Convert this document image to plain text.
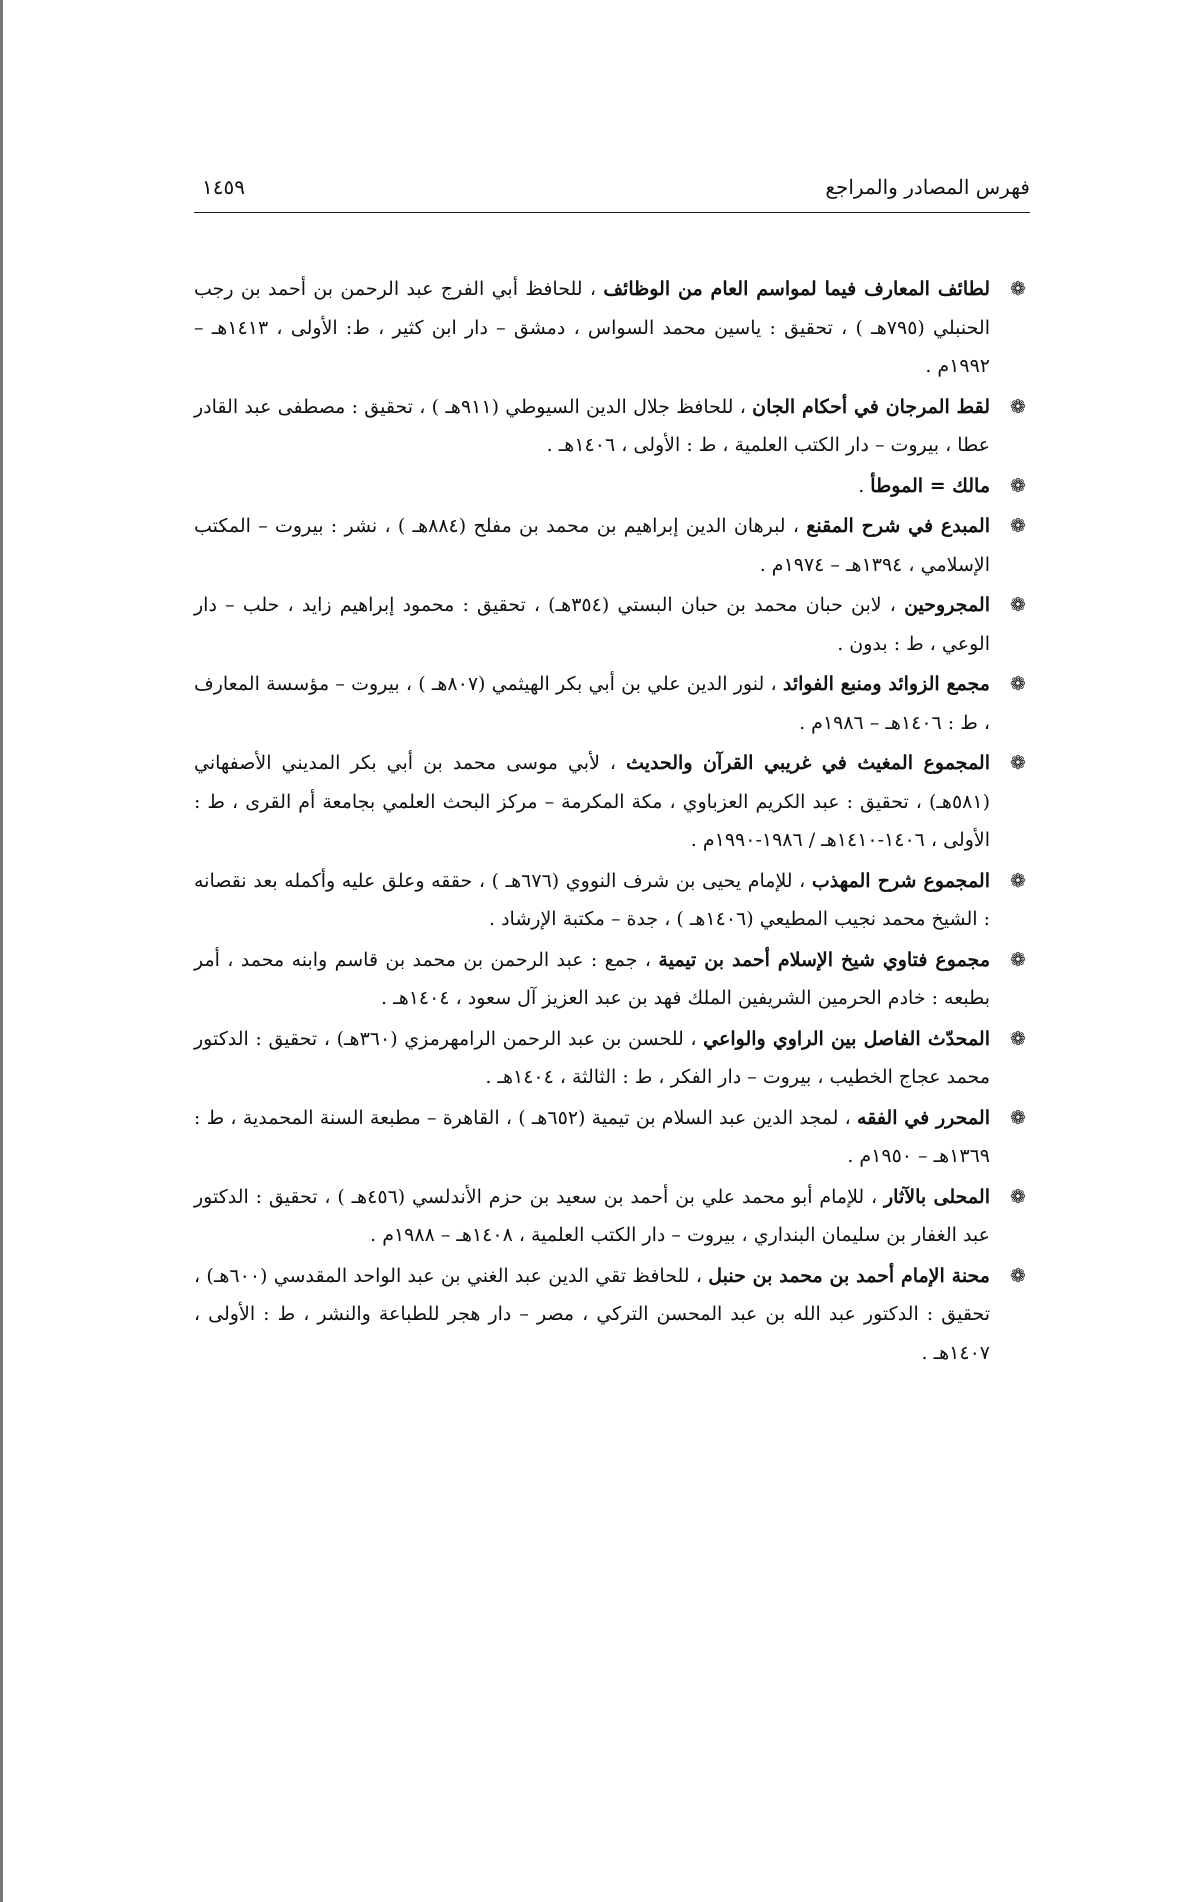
فهرس المصادر والمراجع
١٤٥٩
❁
لطائف المعارف فيما لمواسم العام من الوظائف ، للحافظ أبي الفرج عبد الرحمن بن أحمد بن رجب الحنبلي (٧٩٥هـ ) ، تحقيق : ياسين محمد السواس ، دمشق – دار ابن كثير ، ط: الأولى ، ١٤١٣هـ – ١٩٩٢م .
❁
لقط المرجان في أحكام الجان ، للحافظ جلال الدين السيوطي (٩١١هـ ) ، تحقيق : مصطفى عبد القادر عطا ، بيروت – دار الكتب العلمية ، ط : الأولى ، ١٤٠٦هـ .
❁
مالك = الموطأ .
❁
المبدع في شرح المقنع ، لبرهان الدين إبراهيم بن محمد بن مفلح (٨٨٤هـ ) ، نشر : بيروت – المكتب الإسلامي ، ١٣٩٤هـ – ١٩٧٤م .
❁
المجروحين ، لابن حبان محمد بن حبان البستي (٣٥٤هـ) ، تحقيق : محمود إبراهيم زايد ، حلب – دار الوعي ، ط : بدون .
❁
مجمع الزوائد ومنبع الفوائد ، لنور الدين علي بن أبي بكر الهيثمي (٨٠٧هـ ) ، بيروت – مؤسسة المعارف ، ط : ١٤٠٦هـ – ١٩٨٦م .
❁
المجموع المغيث في غريبي القرآن والحديث ، لأبي موسى محمد بن أبي بكر المديني الأصفهاني (٥٨١هـ) ، تحقيق : عبد الكريم العزباوي ، مكة المكرمة – مركز البحث العلمي بجامعة أم القرى ، ط : الأولى ، ١٤٠٦-١٤١٠هـ / ١٩٨٦-١٩٩٠م .
❁
المجموع شرح المهذب ، للإمام يحيى بن شرف النووي (٦٧٦هـ ) ، حققه وعلق عليه وأكمله بعد نقصانه : الشيخ محمد نجيب المطيعي (١٤٠٦هـ ) ، جدة – مكتبة الإرشاد .
❁
مجموع فتاوي شيخ الإسلام أحمد بن تيمية ، جمع : عبد الرحمن بن محمد بن قاسم وابنه محمد ، أمر بطبعه : خادم الحرمين الشريفين الملك فهد بن عبد العزيز آل سعود ، ١٤٠٤هـ .
❁
المحدّث الفاصل بين الراوي والواعي ، للحسن بن عبد الرحمن الرامهرمزي (٣٦٠هـ) ، تحقيق : الدكتور محمد عجاج الخطيب ، بيروت – دار الفكر ، ط : الثالثة ، ١٤٠٤هـ .
❁
المحرر في الفقه ، لمجد الدين عبد السلام بن تيمية (٦٥٢هـ ) ، القاهرة – مطبعة السنة المحمدية ، ط : ١٣٦٩هـ – ١٩٥٠م .
❁
المحلى بالآثار ، للإمام أبو محمد علي بن أحمد بن سعيد بن حزم الأندلسي (٤٥٦هـ ) ، تحقيق : الدكتور عبد الغفار بن سليمان البنداري ، بيروت – دار الكتب العلمية ، ١٤٠٨هـ – ١٩٨٨م .
❁
محنة الإمام أحمد بن محمد بن حنبل ، للحافظ تقي الدين عبد الغني بن عبد الواحد المقدسي (٦٠٠هـ) ، تحقيق : الدكتور عبد الله بن عبد المحسن التركي ، مصر – دار هجر للطباعة والنشر ، ط : الأولى ، ١٤٠٧هـ .
